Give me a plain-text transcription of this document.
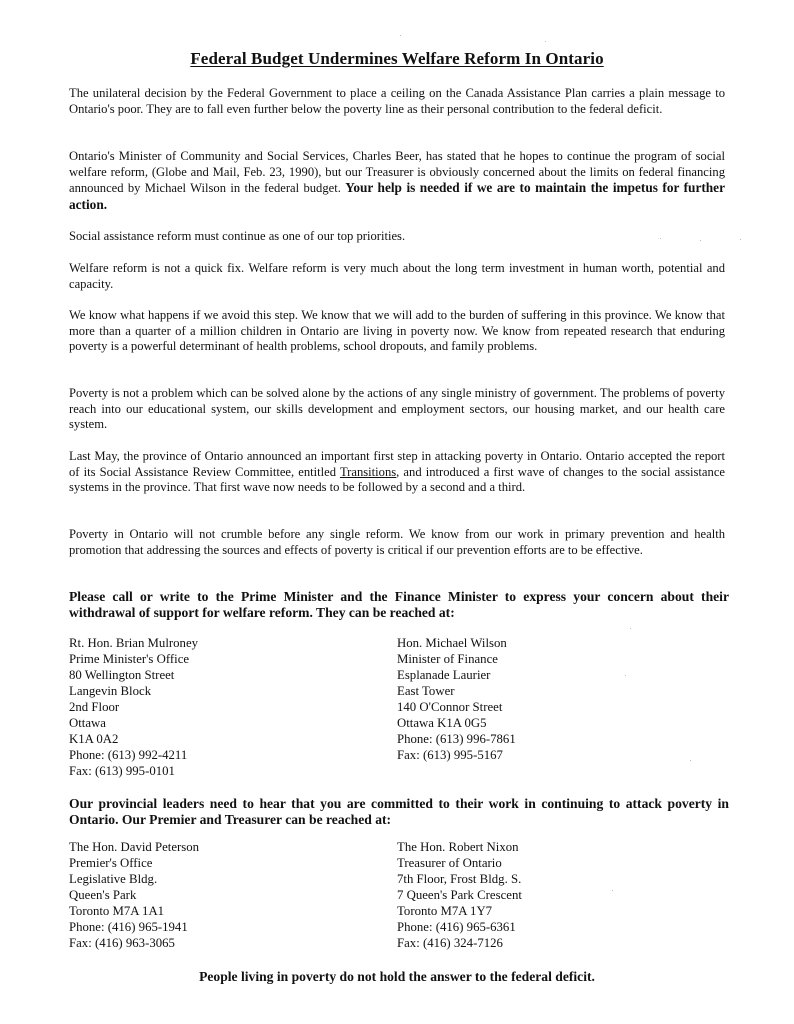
Federal Budget Undermines Welfare Reform In Ontario
The unilateral decision by the Federal Government to place a ceiling on the Canada Assistance Plan carries a plain message to Ontario's poor. They are to fall even further below the poverty line as their personal contribution to the federal deficit.
Ontario's Minister of Community and Social Services, Charles Beer, has stated that he hopes to continue the program of social welfare reform, (Globe and Mail, Feb. 23, 1990), but our Treasurer is obviously concerned about the limits on federal financing announced by Michael Wilson in the federal budget. Your help is needed if we are to maintain the impetus for further action.
Social assistance reform must continue as one of our top priorities.
Welfare reform is not a quick fix. Welfare reform is very much about the long term investment in human worth, potential and capacity.
We know what happens if we avoid this step. We know that we will add to the burden of suffering in this province. We know that more than a quarter of a million children in Ontario are living in poverty now. We know from repeated research that enduring poverty is a powerful determinant of health problems, school dropouts, and family problems.
Poverty is not a problem which can be solved alone by the actions of any single ministry of government. The problems of poverty reach into our educational system, our skills development and employment sectors, our housing market, and our health care system.
Last May, the province of Ontario announced an important first step in attacking poverty in Ontario. Ontario accepted the report of its Social Assistance Review Committee, entitled Transitions, and introduced a first wave of changes to the social assistance systems in the province. That first wave now needs to be followed by a second and a third.
Poverty in Ontario will not crumble before any single reform. We know from our work in primary prevention and health promotion that addressing the sources and effects of poverty is critical if our prevention efforts are to be effective.
Please call or write to the Prime Minister and the Finance Minister to express your concern about their withdrawal of support for welfare reform. They can be reached at:
Rt. Hon. Brian Mulroney
Prime Minister's Office
80 Wellington Street
Langevin Block
2nd Floor
Ottawa
K1A 0A2
Phone: (613) 992-4211
Fax: (613) 995-0101
Hon. Michael Wilson
Minister of Finance
Esplanade Laurier
East Tower
140 O'Connor Street
Ottawa K1A 0G5
Phone: (613) 996-7861
Fax: (613) 995-5167
Our provincial leaders need to hear that you are committed to their work in continuing to attack poverty in Ontario. Our Premier and Treasurer can be reached at:
The Hon. David Peterson
Premier's Office
Legislative Bldg.
Queen's Park
Toronto M7A 1A1
Phone: (416) 965-1941
Fax: (416) 963-3065
The Hon. Robert Nixon
Treasurer of Ontario
7th Floor, Frost Bldg. S.
7 Queen's Park Crescent
Toronto M7A 1Y7
Phone: (416) 965-6361
Fax: (416) 324-7126
People living in poverty do not hold the answer to the federal deficit.
